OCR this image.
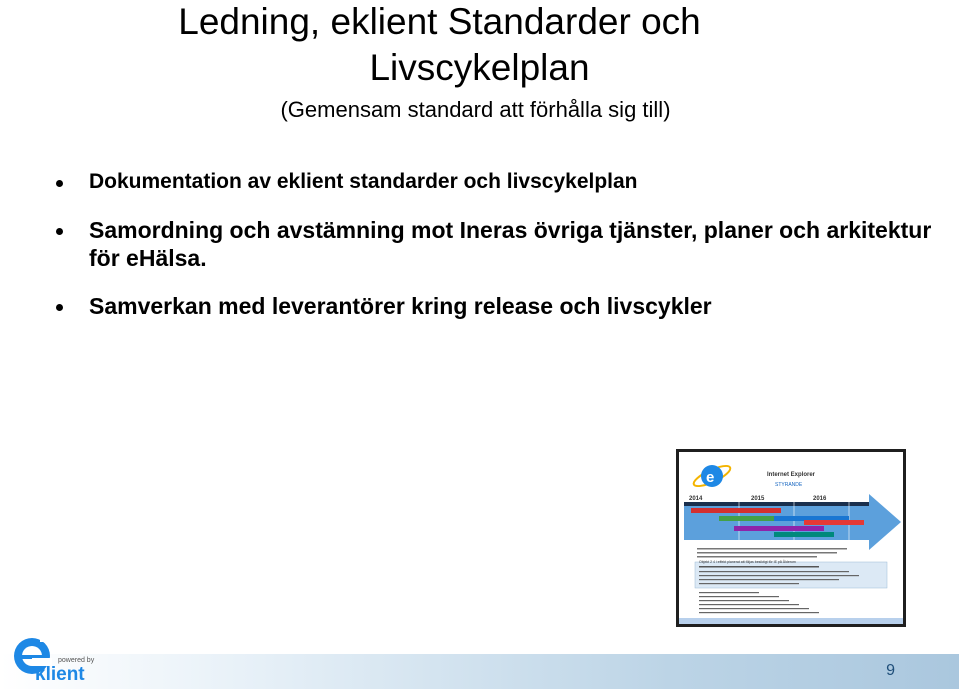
Ledning, eklient Standarder och
Livscykelplan
(Gemensam standard att förhålla sig till)
Dokumentation av eklient standarder och livscykelplan
Samordning och avstämning mot Ineras övriga tjänster, planer och arkitektur för eHälsa.
Samverkan med leverantörer kring release och livscykler
e	Internet Explorer
STYRANDE
2014	2015	2016
Objekt 2 4 i effekt planerat att följas besiktigt för IE på Ålderom
9
powered by
klient
